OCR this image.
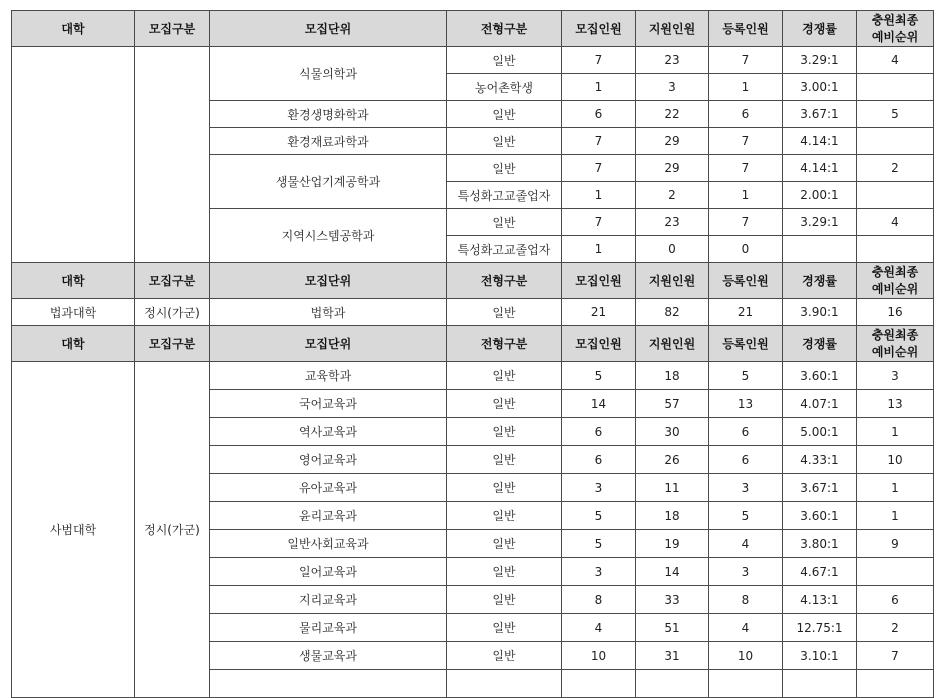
대학	모집구분	모집단위	전형구분	모집인원	지원인원	등록인원	경쟁률	충원최종
예비순위
		식물의학과	일반	7	23	7	3.29:1	4
			농어촌학생	1	3	1	3.00:1	
		환경생명화학과	일반	6	22	6	3.67:1	5
		환경재료과학과	일반	7	29	7	4.14:1	
		생물산업기계공학과	일반	7	29	7	4.14:1	2
			특성화고교졸업자	1	2	1	2.00:1	
		지역시스템공학과	일반	7	23	7	3.29:1	4
			특성화고교졸업자	1	0	0		
대학	모집구분	모집단위	전형구분	모집인원	지원인원	등록인원	경쟁률	충원최종
예비순위
법과대학	정시(가군)	법학과	일반	21	82	21	3.90:1	16
대학	모집구분	모집단위	전형구분	모집인원	지원인원	등록인원	경쟁률	충원최종
예비순위
사범대학	정시(가군)	교육학과	일반	5	18	5	3.60:1	3
		국어교육과	일반	14	57	13	4.07:1	13
		역사교육과	일반	6	30	6	5.00:1	1
		영어교육과	일반	6	26	6	4.33:1	10
		유아교육과	일반	3	11	3	3.67:1	1
		윤리교육과	일반	5	18	5	3.60:1	1
		일반사회교육과	일반	5	19	4	3.80:1	9
		일어교육과	일반	3	14	3	4.67:1	
		지리교육과	일반	8	33	8	4.13:1	6
		물리교육과	일반	4	51	4	12.75:1	2
		생물교육과	일반	10	31	10	3.10:1	7
